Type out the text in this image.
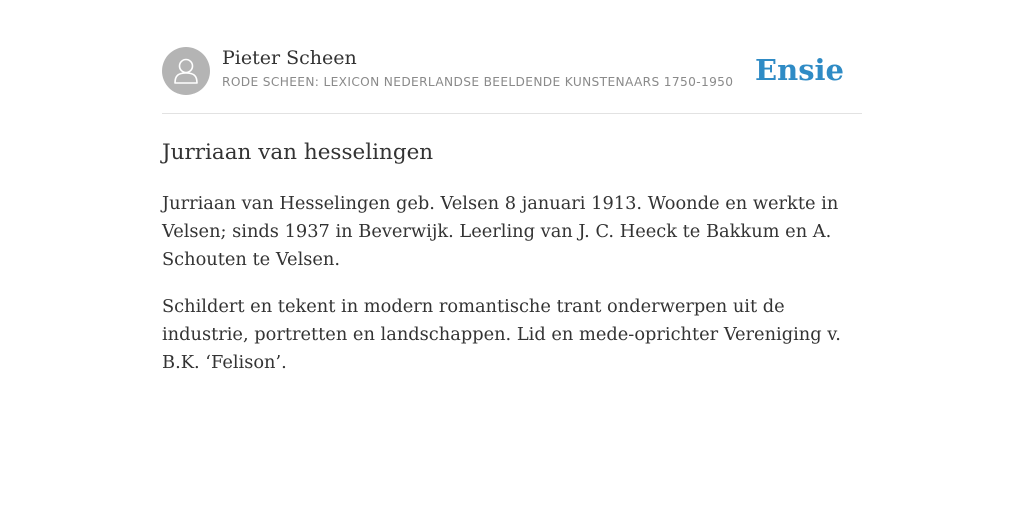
Pieter Scheen
RODE SCHEEN: LEXICON NEDERLANDSE BEELDENDE KUNSTENAARS 1750-1950 Ensie
Jurriaan van hesselingen

Jurriaan van Hesselingen geb. Velsen 8 januari 1913. Woonde en werkte in Velsen; sinds 1937 in Beverwijk. Leerling van J. C. Heeck te Bakkum en A. Schouten te Velsen.

Schildert en tekent in modern romantische trant onderwerpen uit de industrie, portretten en landschappen. Lid en mede-oprichter Vereniging v. B.K. ‘Felison’.
